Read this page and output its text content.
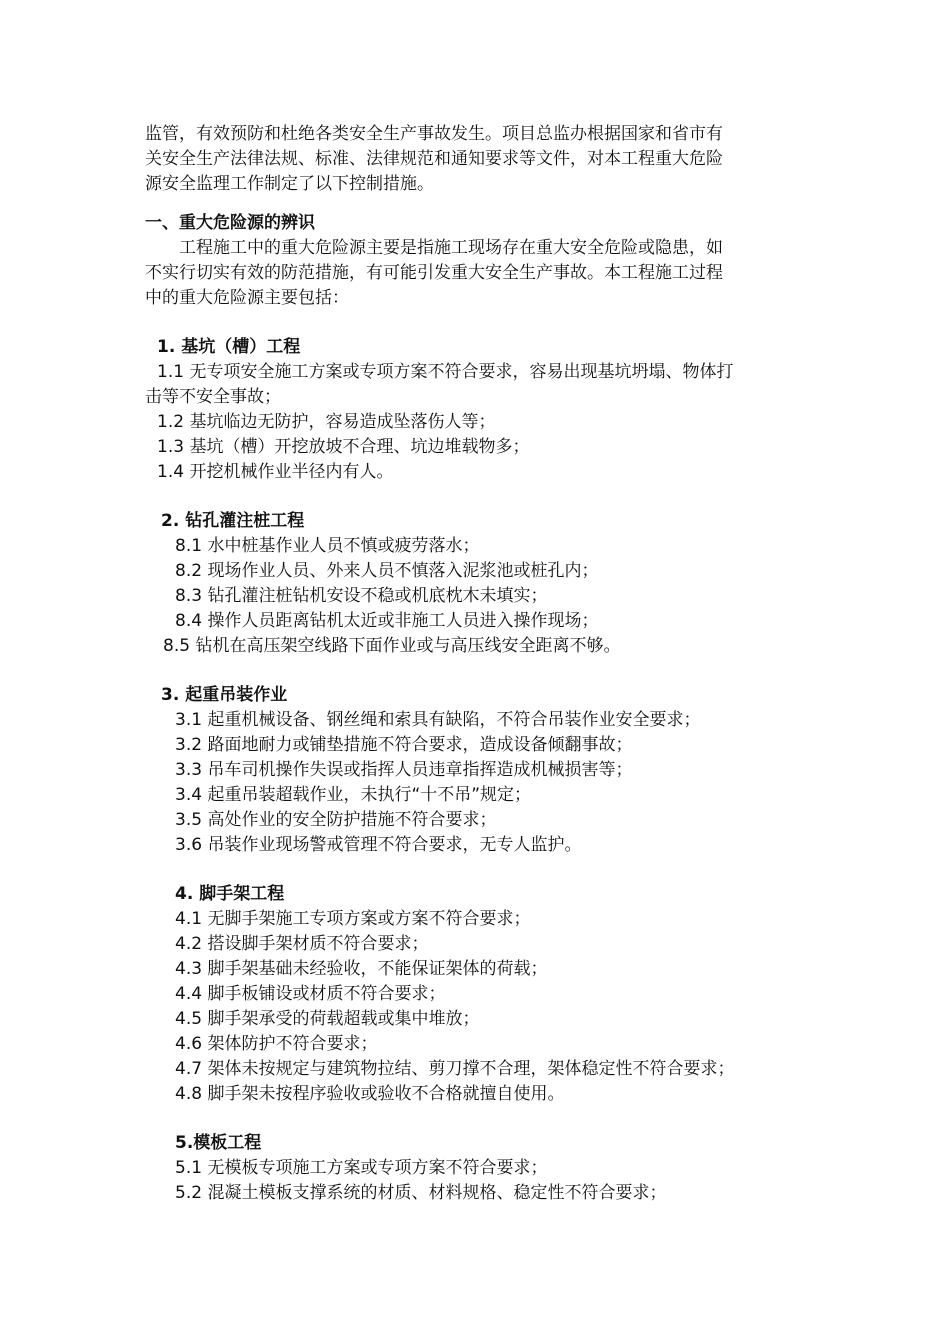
监管，有效预防和杜绝各类安全生产事故发生。项目总监办根据国家和省市有
关安全生产法律法规、标准、法律规范和通知要求等文件，对本工程重大危险
源安全监理工作制定了以下控制措施。
一、重大危险源的辨识
工程施工中的重大危险源主要是指施工现场存在重大安全危险或隐患，如
不实行切实有效的防范措施，有可能引发重大安全生产事故。本工程施工过程
中的重大危险源主要包括：
1. 基坑（槽）工程
1.1 无专项安全施工方案或专项方案不符合要求，容易出现基坑坍塌、物体打
击等不安全事故；
1.2 基坑临边无防护，容易造成坠落伤人等；
1.3 基坑（槽）开挖放坡不合理、坑边堆载物多；
1.4 开挖机械作业半径内有人。
2. 钻孔灌注桩工程
8.1 水中桩基作业人员不慎或疲劳落水；
8.2 现场作业人员、外来人员不慎落入泥浆池或桩孔内；
8.3 钻孔灌注桩钻机安设不稳或机底枕木未填实；
8.4 操作人员距离钻机太近或非施工人员进入操作现场；
8.5 钻机在高压架空线路下面作业或与高压线安全距离不够。
3. 起重吊装作业
3.1 起重机械设备、钢丝绳和索具有缺陷，不符合吊装作业安全要求；
3.2 路面地耐力或铺垫措施不符合要求，造成设备倾翻事故；
3.3 吊车司机操作失误或指挥人员违章指挥造成机械损害等；
3.4 起重吊装超载作业，未执行“十不吊”规定；
3.5 高处作业的安全防护措施不符合要求；
3.6 吊装作业现场警戒管理不符合要求，无专人监护。
4. 脚手架工程
4.1 无脚手架施工专项方案或方案不符合要求；
4.2 搭设脚手架材质不符合要求；
4.3 脚手架基础未经验收，不能保证架体的荷载；
4.4 脚手板铺设或材质不符合要求；
4.5 脚手架承受的荷载超载或集中堆放；
4.6 架体防护不符合要求；
4.7 架体未按规定与建筑物拉结、剪刀撑不合理，架体稳定性不符合要求；
4.8 脚手架未按程序验收或验收不合格就擅自使用。
5.模板工程
5.1 无模板专项施工方案或专项方案不符合要求；
5.2 混凝土模板支撑系统的材质、材料规格、稳定性不符合要求；
